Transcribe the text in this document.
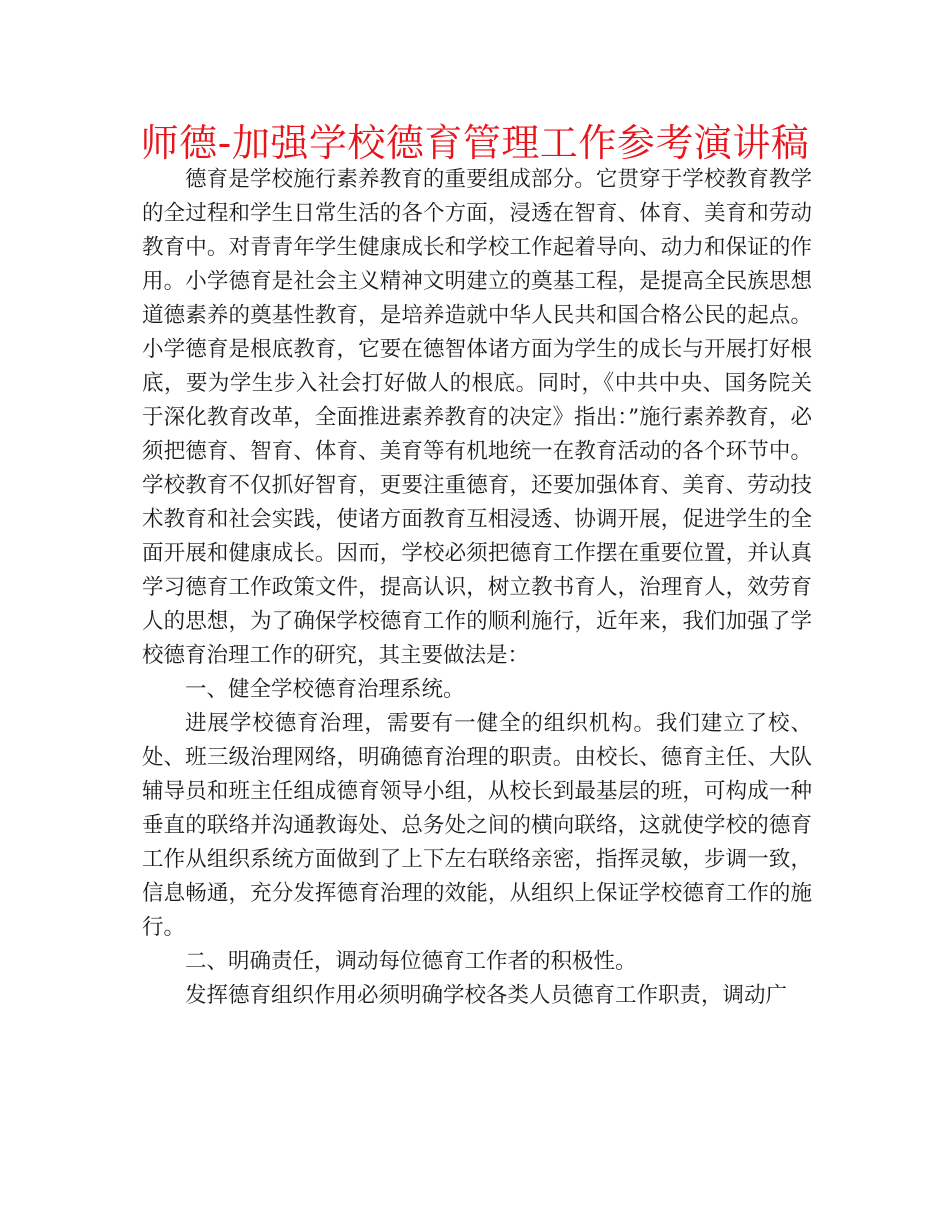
师德-加强学校德育管理工作参考演讲稿

德育是学校施行素养教育的重要组成部分。它贯穿于学校教育教学的全过程和学生日常生活的各个方面，浸透在智育、体育、美育和劳动教育中。对青青年学生健康成长和学校工作起着导向、动力和保证的作用。小学德育是社会主义精神文明建立的奠基工程，是提高全民族思想道德素养的奠基性教育，是培养造就中华人民共和国合格公民的起点。小学德育是根底教育，它要在德智体诸方面为学生的成长与开展打好根底，要为学生步入社会打好做人的根底。同时，《中共中央、国务院关于深化教育改革，全面推进素养教育的决定》指出：”施行素养教育，必须把德育、智育、体育、美育等有机地统一在教育活动的各个环节中。学校教育不仅抓好智育，更要注重德育，还要加强体育、美育、劳动技术教育和社会实践，使诸方面教育互相浸透、协调开展，促进学生的全面开展和健康成长。因而，学校必须把德育工作摆在重要位置，并认真学习德育工作政策文件，提高认识，树立教书育人，治理育人，效劳育人的思想，为了确保学校德育工作的顺利施行，近年来，我们加强了学校德育治理工作的研究，其主要做法是：

一、健全学校德育治理系统。

进展学校德育治理，需要有一健全的组织机构。我们建立了校、处、班三级治理网络，明确德育治理的职责。由校长、德育主任、大队辅导员和班主任组成德育领导小组，从校长到最基层的班，可构成一种垂直的联络并沟通教诲处、总务处之间的横向联络，这就使学校的德育工作从组织系统方面做到了上下左右联络亲密，指挥灵敏，步调一致，信息畅通，充分发挥德育治理的效能，从组织上保证学校德育工作的施行。

二、明确责任，调动每位德育工作者的积极性。

发挥德育组织作用必须明确学校各类人员德育工作职责，调动广
